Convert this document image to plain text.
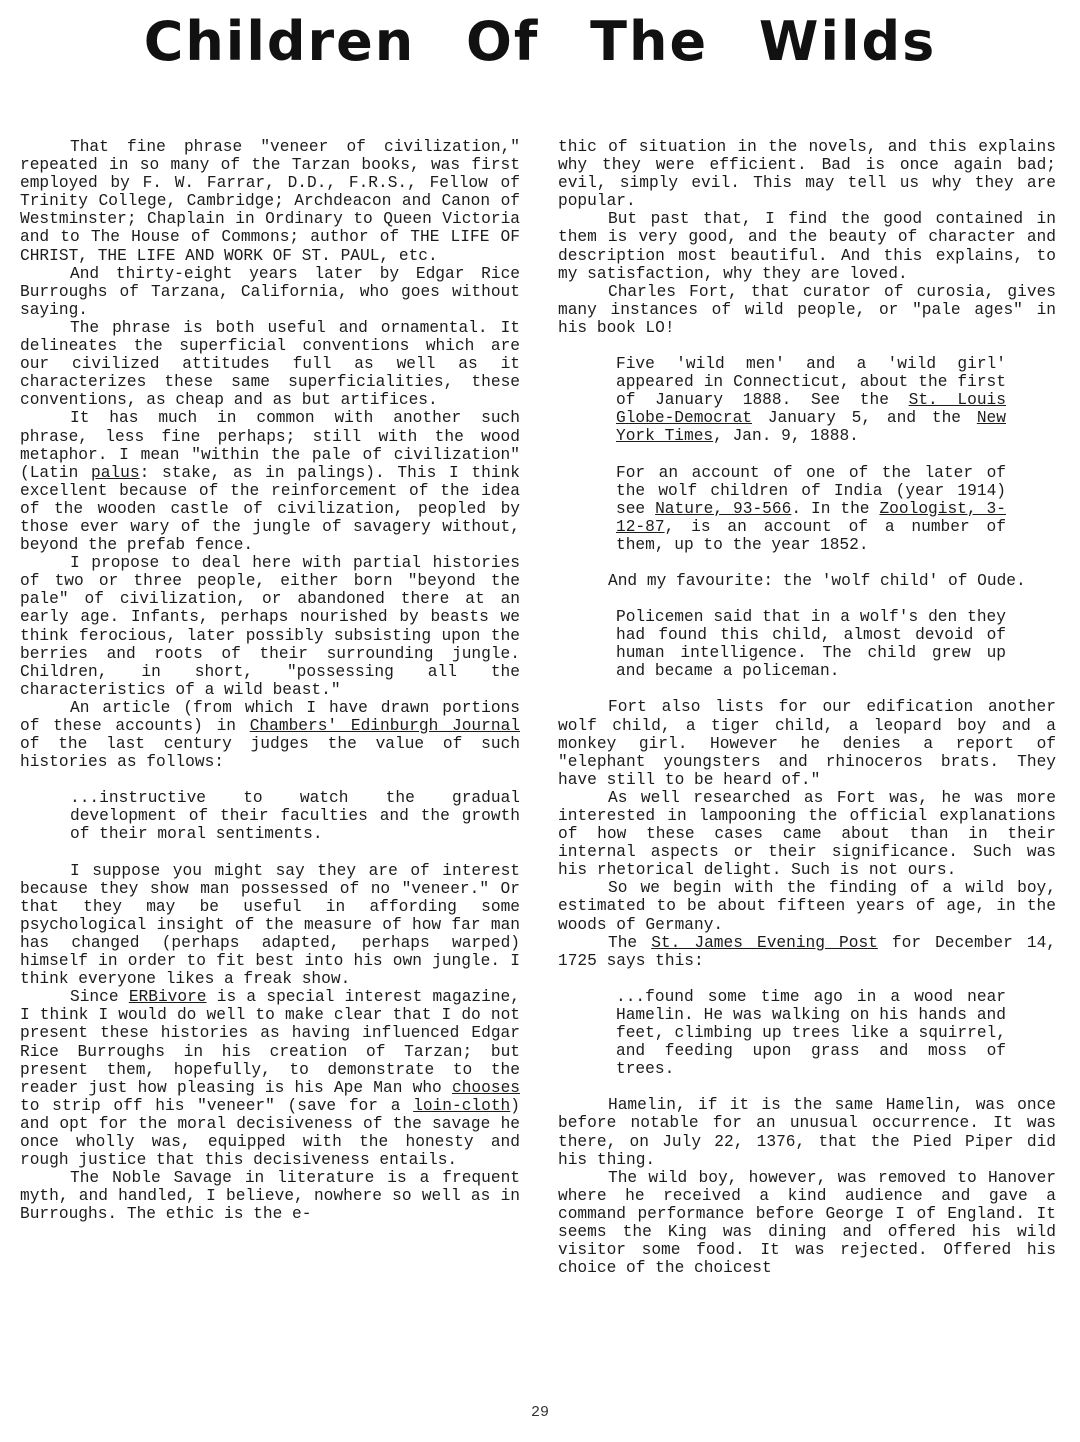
Children Of The Wilds

That fine phrase "veneer of civilization," repeated in so many of the Tarzan books, was first employed by F. W. Farrar, D.D., F.R.S., Fellow of Trinity College, Cambridge; Archdeacon and Canon of Westminster; Chaplain in Ordinary to Queen Victoria and to The House of Commons; author of THE LIFE OF CHRIST, THE LIFE AND WORK OF ST. PAUL, etc.

And thirty-eight years later by Edgar Rice Burroughs of Tarzana, California, who goes without saying.

The phrase is both useful and ornamental. It delineates the superficial conventions which are our civilized attitudes full as well as it characterizes these same superficialities, these conventions, as cheap and as but artifices.

It has much in common with another such phrase, less fine perhaps; still with the wood metaphor. I mean "within the pale of civilization" (Latin palus: stake, as in palings). This I think excellent because of the reinforcement of the idea of the wooden castle of civilization, peopled by those ever wary of the jungle of savagery without, beyond the prefab fence.

I propose to deal here with partial histories of two or three people, either born "beyond the pale" of civilization, or abandoned there at an early age. Infants, perhaps nourished by beasts we think ferocious, later possibly subsisting upon the berries and roots of their surrounding jungle. Children, in short, "possessing all the characteristics of a wild beast."

An article (from which I have drawn portions of these accounts) in Chambers' Edinburgh Journal of the last century judges the value of such histories as follows:

...instructive to watch the gradual development of their faculties and the growth of their moral sentiments.

I suppose you might say they are of interest because they show man possessed of no "veneer." Or that they may be useful in affording some psychological insight of the measure of how far man has changed (perhaps adapted, perhaps warped) himself in order to fit best into his own jungle. I think everyone likes a freak show.

Since ERBivore is a special interest magazine, I think I would do well to make clear that I do not present these histories as having influenced Edgar Rice Burroughs in his creation of Tarzan; but present them, hopefully, to demonstrate to the reader just how pleasing is his Ape Man who chooses to strip off his "veneer" (save for a loin-cloth) and opt for the moral decisiveness of the savage he once wholly was, equipped with the honesty and rough justice that this decisiveness entails.

The Noble Savage in literature is a frequent myth, and handled, I believe, nowhere so well as in Burroughs. The ethic is the e-

thic of situation in the novels, and this explains why they were efficient. Bad is once again bad; evil, simply evil. This may tell us why they are popular.

But past that, I find the good contained in them is very good, and the beauty of character and description most beautiful. And this explains, to my satisfaction, why they are loved.

Charles Fort, that curator of curosia, gives many instances of wild people, or "pale ages" in his book LO!

Five 'wild men' and a 'wild girl' appeared in Connecticut, about the first of January 1888. See the St. Louis Globe-Democrat January 5, and the New York Times, Jan. 9, 1888.
For an account of one of the later of the wolf children of India (year 1914) see Nature, 93-566. In the Zoologist, 3-12-87, is an account of a number of them, up to the year 1852.

And my favourite: the 'wolf child' of Oude.

Policemen said that in a wolf's den they had found this child, almost devoid of human intelligence. The child grew up and became a policeman.

Fort also lists for our edification another wolf child, a tiger child, a leopard boy and a monkey girl. However he denies a report of "elephant youngsters and rhinoceros brats. They have still to be heard of."

As well researched as Fort was, he was more interested in lampooning the official explanations of how these cases came about than in their internal aspects or their significance. Such was his rhetorical delight. Such is not ours.

So we begin with the finding of a wild boy, estimated to be about fifteen years of age, in the woods of Germany.

The St. James Evening Post for December 14, 1725 says this:

...found some time ago in a wood near Hamelin. He was walking on his hands and feet, climbing up trees like a squirrel, and feeding upon grass and moss of trees.

Hamelin, if it is the same Hamelin, was once before notable for an unusual occurrence. It was there, on July 22, 1376, that the Pied Piper did his thing.

The wild boy, however, was removed to Hanover where he received a kind audience and gave a command performance before George I of England. It seems the King was dining and offered his wild visitor some food. It was rejected. Offered his choice of the choicest

29
